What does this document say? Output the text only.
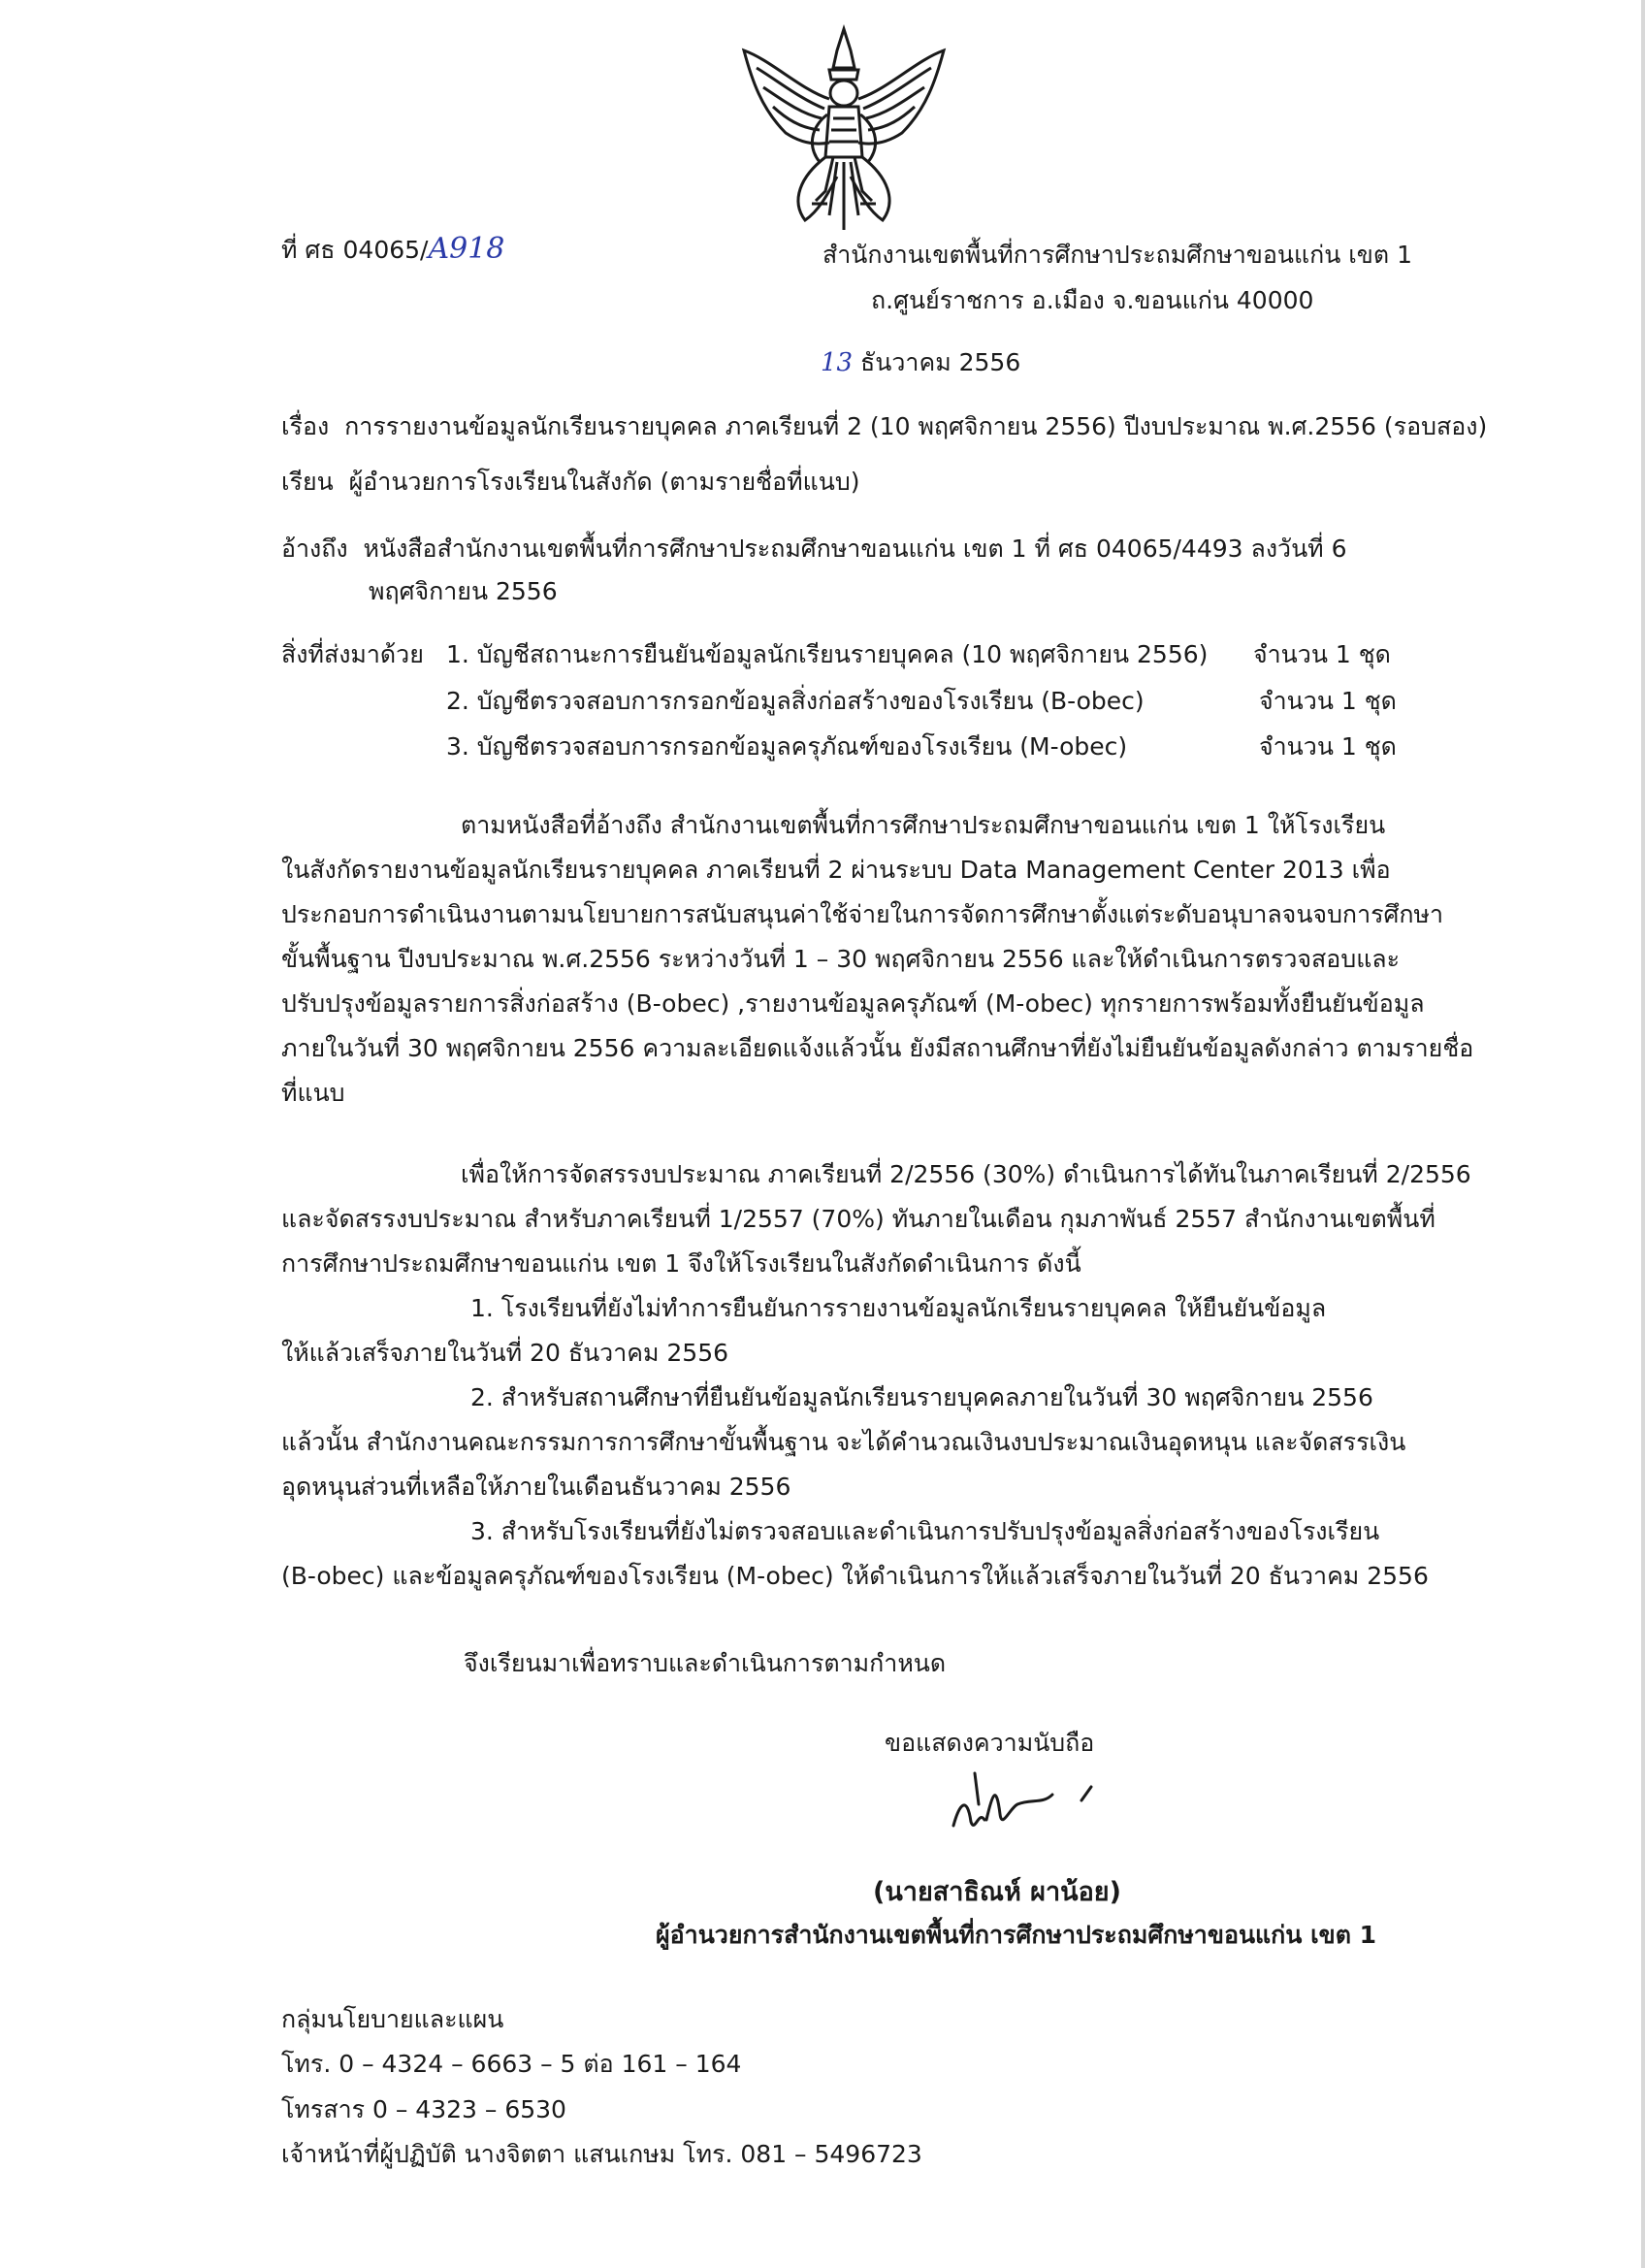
ที่ ศธ 04065/A918	สำนักงานเขตพื้นที่การศึกษาประถมศึกษาขอนแก่น เขต 1
ถ.ศูนย์ราชการ อ.เมือง จ.ขอนแก่น 40000
13 ธันวาคม 2556
เรื่อง การรายงานข้อมูลนักเรียนรายบุคคล ภาคเรียนที่ 2 (10 พฤศจิกายน 2556) ปีงบประมาณ พ.ศ.2556 (รอบสอง)
เรียน ผู้อำนวยการโรงเรียนในสังกัด (ตามรายชื่อที่แนบ)
อ้างถึง หนังสือสำนักงานเขตพื้นที่การศึกษาประถมศึกษาขอนแก่น เขต 1 ที่ ศธ 04065/4493 ลงวันที่ 6
พฤศจิกายน 2556
สิ่งที่ส่งมาด้วย 1. บัญชีสถานะการยืนยันข้อมูลนักเรียนรายบุคคล (10 พฤศจิกายน 2556) จำนวน 1 ชุด
2. บัญชีตรวจสอบการกรอกข้อมูลสิ่งก่อสร้างของโรงเรียน (B-obec)	จำนวน 1 ชุด
3. บัญชีตรวจสอบการกรอกข้อมูลครุภัณฑ์ของโรงเรียน (M-obec)	จำนวน 1 ชุด

ตามหนังสือที่อ้างถึง สำนักงานเขตพื้นที่การศึกษาประถมศึกษาขอนแก่น เขต 1 ให้โรงเรียน

ในสังกัดรายงานข้อมูลนักเรียนรายบุคคล ภาคเรียนที่ 2 ผ่านระบบ Data Management Center 2013 เพื่อ

ประกอบการดำเนินงานตามนโยบายการสนับสนุนค่าใช้จ่ายในการจัดการศึกษาตั้งแต่ระดับอนุบาลจนจบการศึกษา

ขั้นพื้นฐาน ปีงบประมาณ พ.ศ.2556 ระหว่างวันที่ 1 – 30 พฤศจิกายน 2556 และให้ดำเนินการตรวจสอบและ

ปรับปรุงข้อมูลรายการสิ่งก่อสร้าง (B-obec) ,รายงานข้อมูลครุภัณฑ์ (M-obec) ทุกรายการพร้อมทั้งยืนยันข้อมูล

ภายในวันที่ 30 พฤศจิกายน 2556 ความละเอียดแจ้งแล้วนั้น ยังมีสถานศึกษาที่ยังไม่ยืนยันข้อมูลดังกล่าว ตามรายชื่อ

ที่แนบ

เพื่อให้การจัดสรรงบประมาณ ภาคเรียนที่ 2/2556 (30%) ดำเนินการได้ทันในภาคเรียนที่ 2/2556

และจัดสรรงบประมาณ สำหรับภาคเรียนที่ 1/2557 (70%) ทันภายในเดือน กุมภาพันธ์ 2557 สำนักงานเขตพื้นที่

การศึกษาประถมศึกษาขอนแก่น เขต 1 จึงให้โรงเรียนในสังกัดดำเนินการ ดังนี้

1. โรงเรียนที่ยังไม่ทำการยืนยันการรายงานข้อมูลนักเรียนรายบุคคล ให้ยืนยันข้อมูล

ให้แล้วเสร็จภายในวันที่ 20 ธันวาคม 2556

2. สำหรับสถานศึกษาที่ยืนยันข้อมูลนักเรียนรายบุคคลภายในวันที่ 30 พฤศจิกายน 2556

แล้วนั้น สำนักงานคณะกรรมการการศึกษาขั้นพื้นฐาน จะได้คำนวณเงินงบประมาณเงินอุดหนุน และจัดสรรเงิน

อุดหนุนส่วนที่เหลือให้ภายในเดือนธันวาคม 2556

3. สำหรับโรงเรียนที่ยังไม่ตรวจสอบและดำเนินการปรับปรุงข้อมูลสิ่งก่อสร้างของโรงเรียน

(B-obec) และข้อมูลครุภัณฑ์ของโรงเรียน (M-obec) ให้ดำเนินการให้แล้วเสร็จภายในวันที่ 20 ธันวาคม 2556

จึงเรียนมาเพื่อทราบและดำเนินการตามกำหนด
ขอแสดงความนับถือ
(นายสาธิณห์ ผาน้อย)
ผู้อำนวยการสำนักงานเขตพื้นที่การศึกษาประถมศึกษาขอนแก่น เขต 1
กลุ่มนโยบายและแผน
โทร. 0 – 4324 – 6663 – 5 ต่อ 161 – 164
โทรสาร 0 – 4323 – 6530
เจ้าหน้าที่ผู้ปฏิบัติ นางจิตตา แสนเกษม โทร. 081 – 5496723
